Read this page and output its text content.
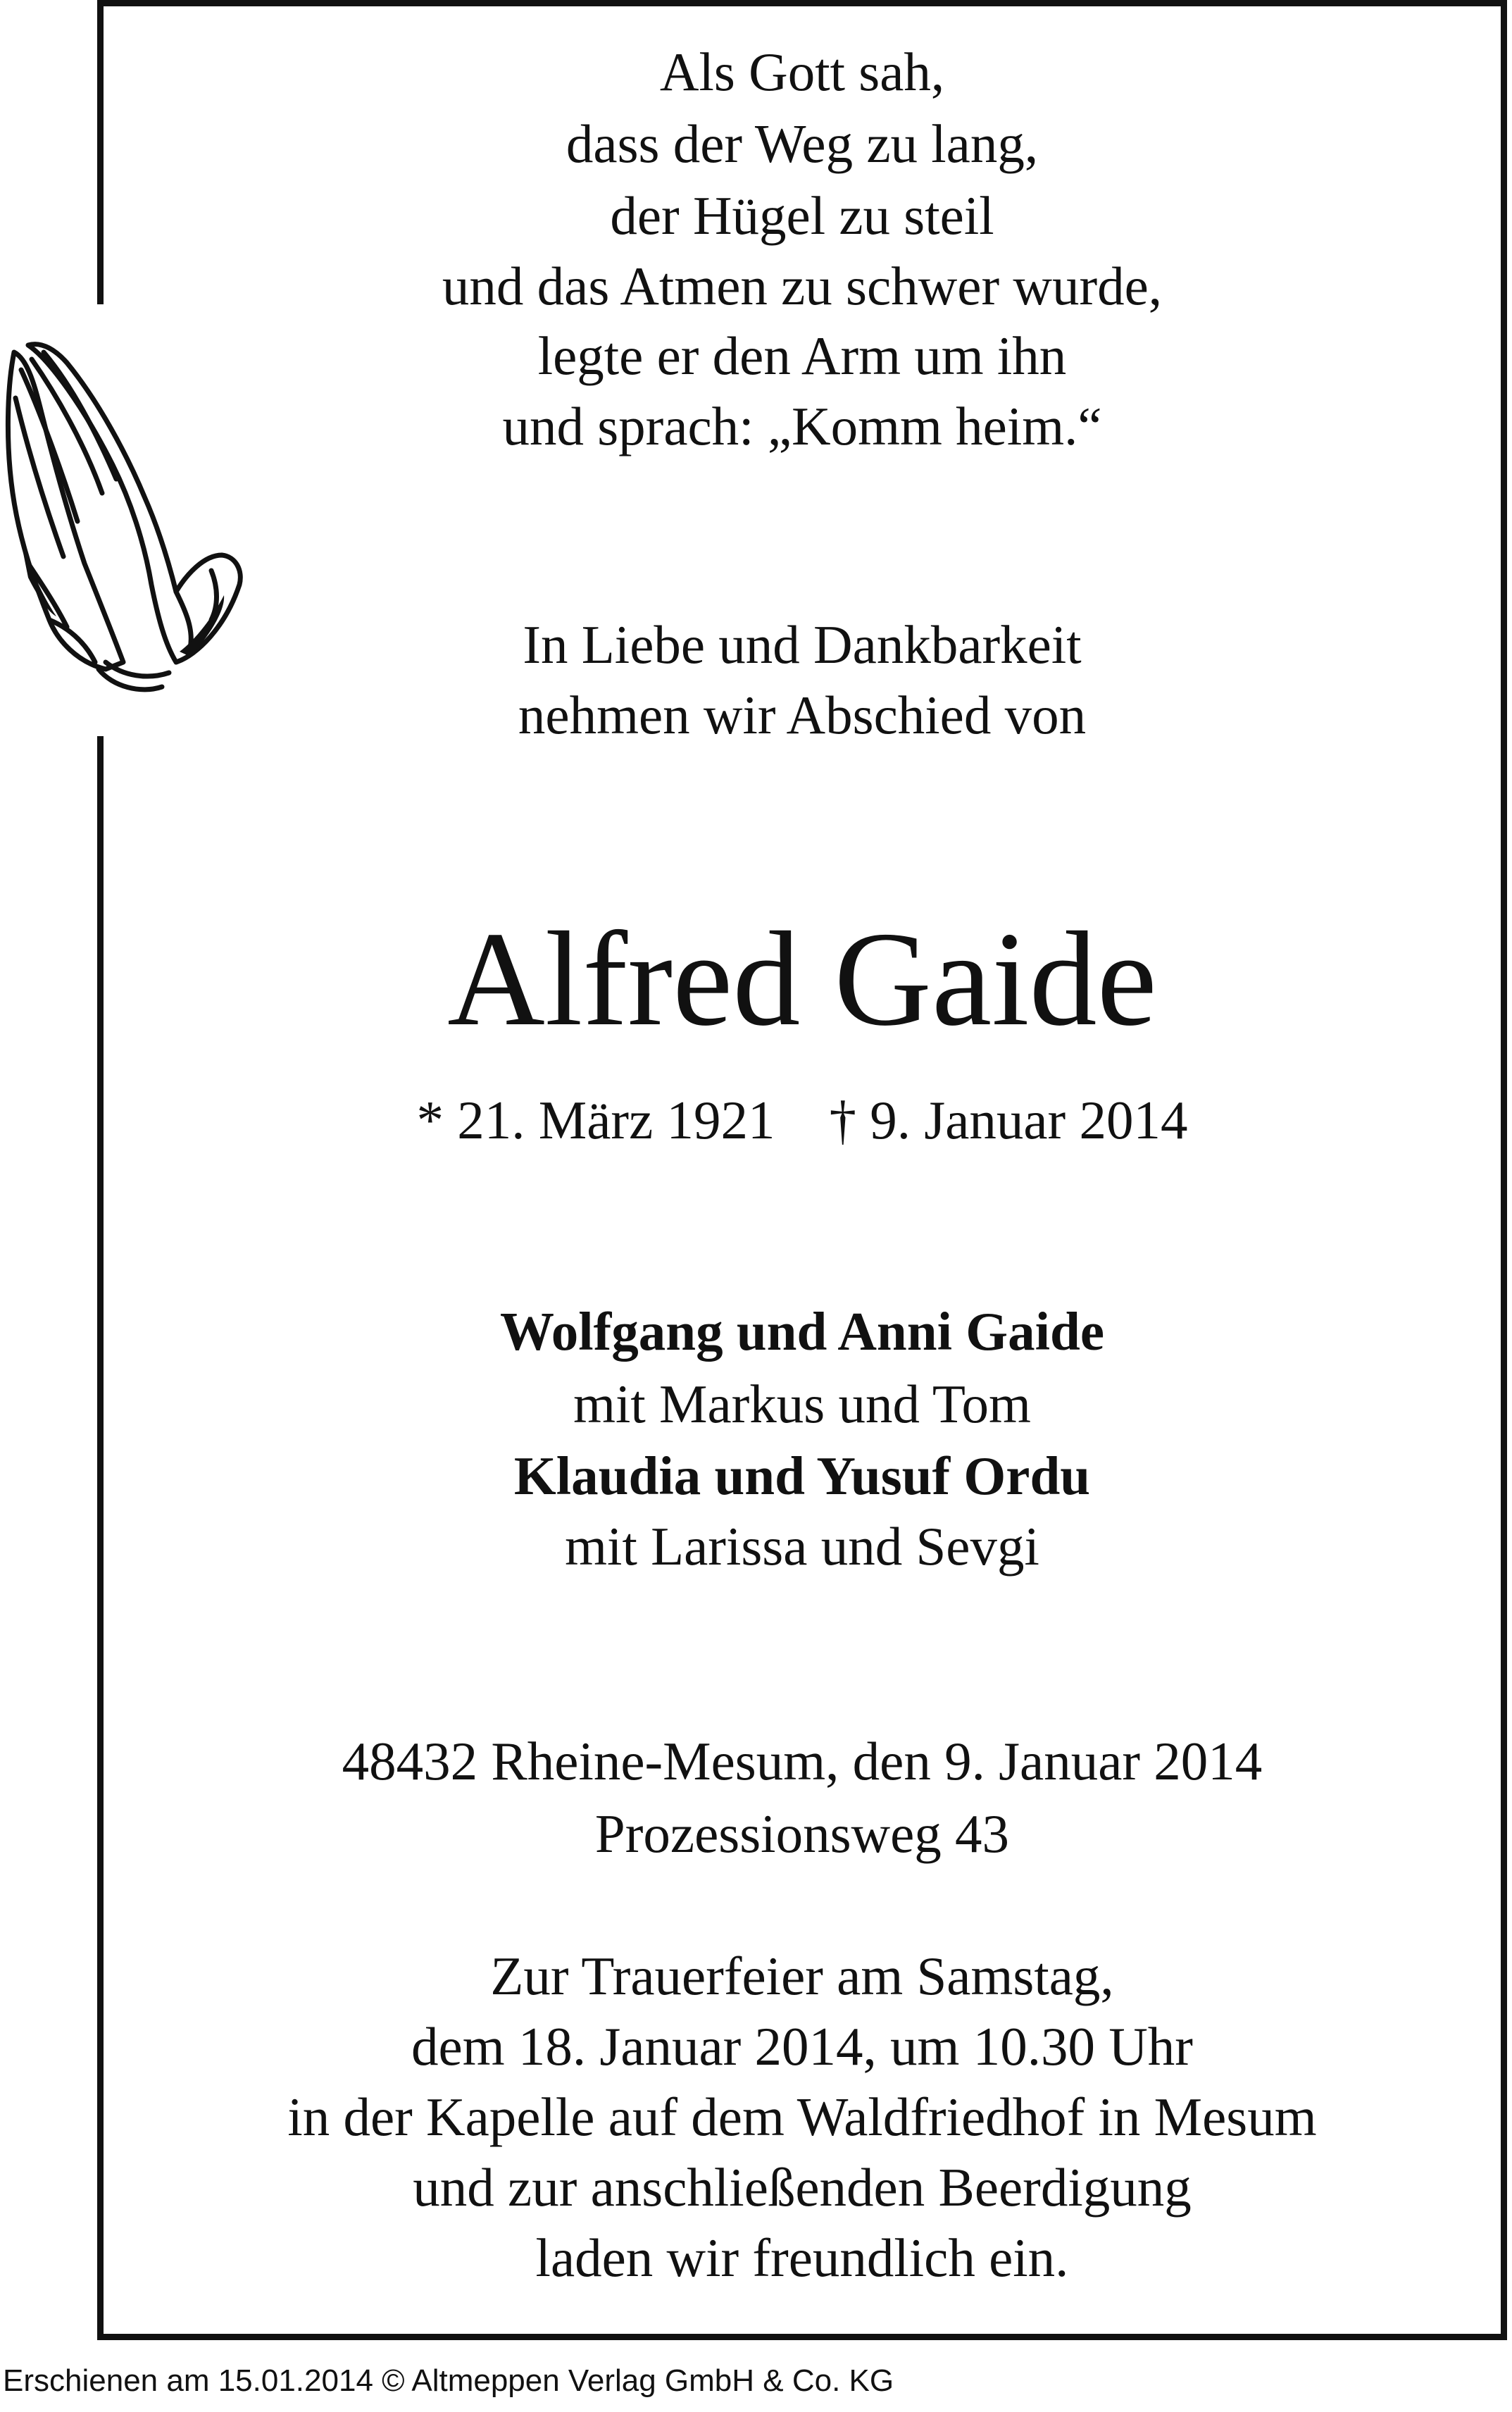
Als Gott sah,
dass der Weg zu lang,
der Hügel zu steil
und das Atmen zu schwer wurde,
legte er den Arm um ihn
und sprach: „Komm heim.“
In Liebe und Dankbarkeit
nehmen wir Abschied von
Alfred Gaide
* 21. März 1921    † 9. Januar 2014
Wolfgang und Anni Gaide
mit Markus und Tom
Klaudia und Yusuf Ordu
mit Larissa und Sevgi
48432 Rheine-Mesum, den 9. Januar 2014
Prozessionsweg 43
Zur Trauerfeier am Samstag,
dem 18. Januar 2014, um 10.30 Uhr
in der Kapelle auf dem Waldfriedhof in Mesum
und zur anschließenden Beerdigung
laden wir freundlich ein.
Erschienen am 15.01.2014 © Altmeppen Verlag GmbH & Co. KG
